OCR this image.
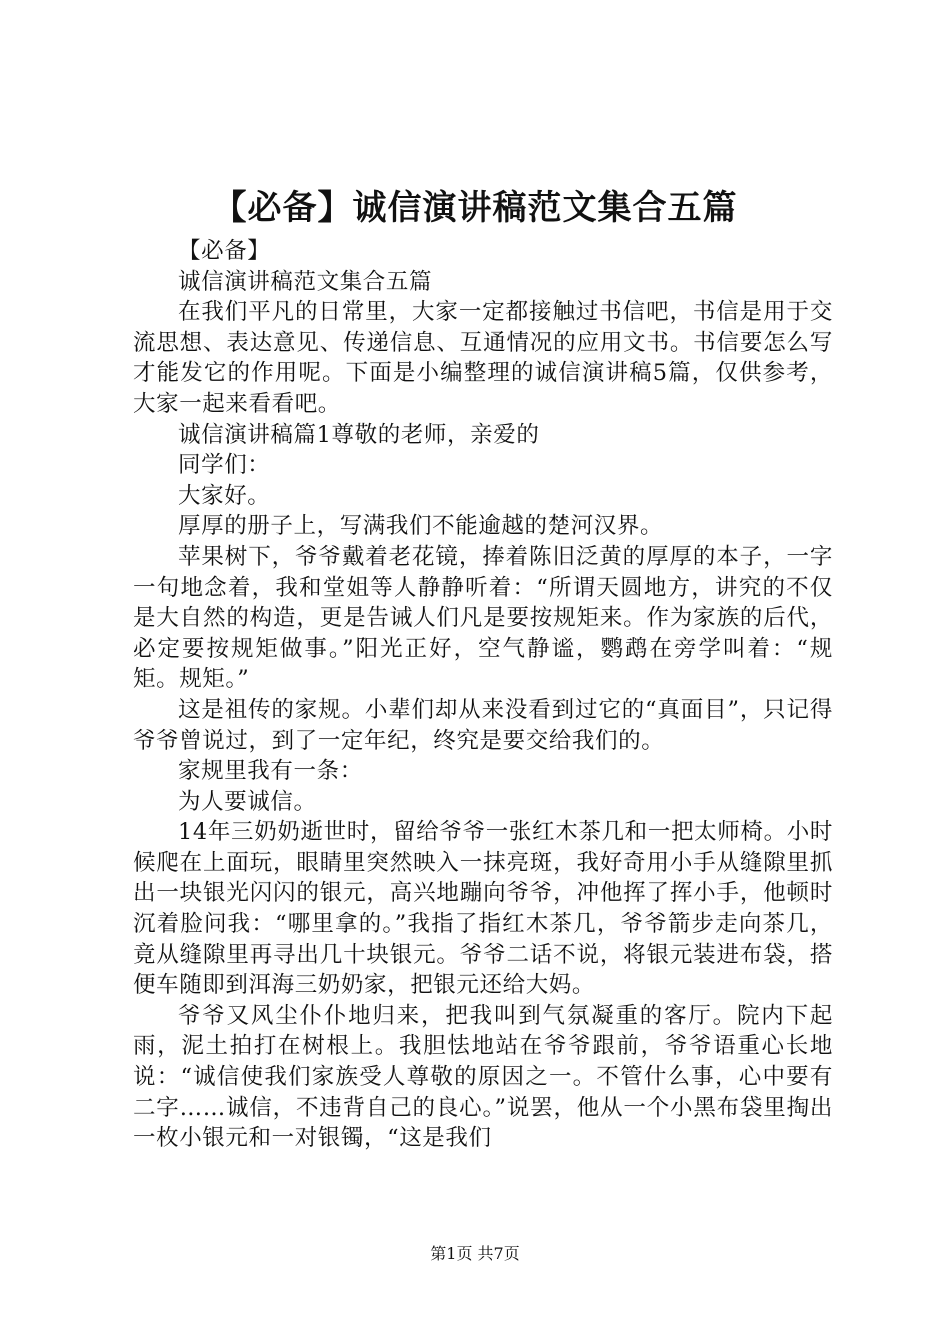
【必备】诚信演讲稿范文集合五篇

【必备】

诚信演讲稿范文集合五篇

在我们平凡的日常里，大家一定都接触过书信吧，书信是用于交流思想、表达意见、传递信息、互通情况的应用文书。书信要怎么写才能发它的作用呢。下面是小编整理的诚信演讲稿5篇，仅供参考，大家一起来看看吧。

诚信演讲稿篇1尊敬的老师，亲爱的

同学们：

大家好。

厚厚的册子上，写满我们不能逾越的楚河汉界。

苹果树下，爷爷戴着老花镜，捧着陈旧泛黄的厚厚的本子，一字一句地念着，我和堂姐等人静静听着：“所谓天圆地方，讲究的不仅是大自然的构造，更是告诫人们凡是要按规矩来。作为家族的后代，必定要按规矩做事。”阳光正好，空气静谧，鹦鹉在旁学叫着：“规矩。规矩。”

这是祖传的家规。小辈们却从来没看到过它的“真面目”，只记得爷爷曾说过，到了一定年纪，终究是要交给我们的。

家规里我有一条：

为人要诚信。

14年三奶奶逝世时，留给爷爷一张红木茶几和一把太师椅。小时候爬在上面玩，眼睛里突然映入一抹亮斑，我好奇用小手从缝隙里抓出一块银光闪闪的银元，高兴地蹦向爷爷，冲他挥了挥小手，他顿时沉着脸问我：“哪里拿的。”我指了指红木茶几，爷爷箭步走向茶几，竟从缝隙里再寻出几十块银元。爷爷二话不说，将银元装进布袋，搭便车随即到洱海三奶奶家，把银元还给大妈。

爷爷又风尘仆仆地归来，把我叫到气氛凝重的客厅。院内下起雨，泥土拍打在树根上。我胆怯地站在爷爷跟前，爷爷语重心长地说：“诚信使我们家族受人尊敬的原因之一。不管什么事，心中要有二字……诚信，不违背自己的良心。”说罢，他从一个小黑布袋里掏出一枚小银元和一对银镯，“这是我们

第1页 共7页
